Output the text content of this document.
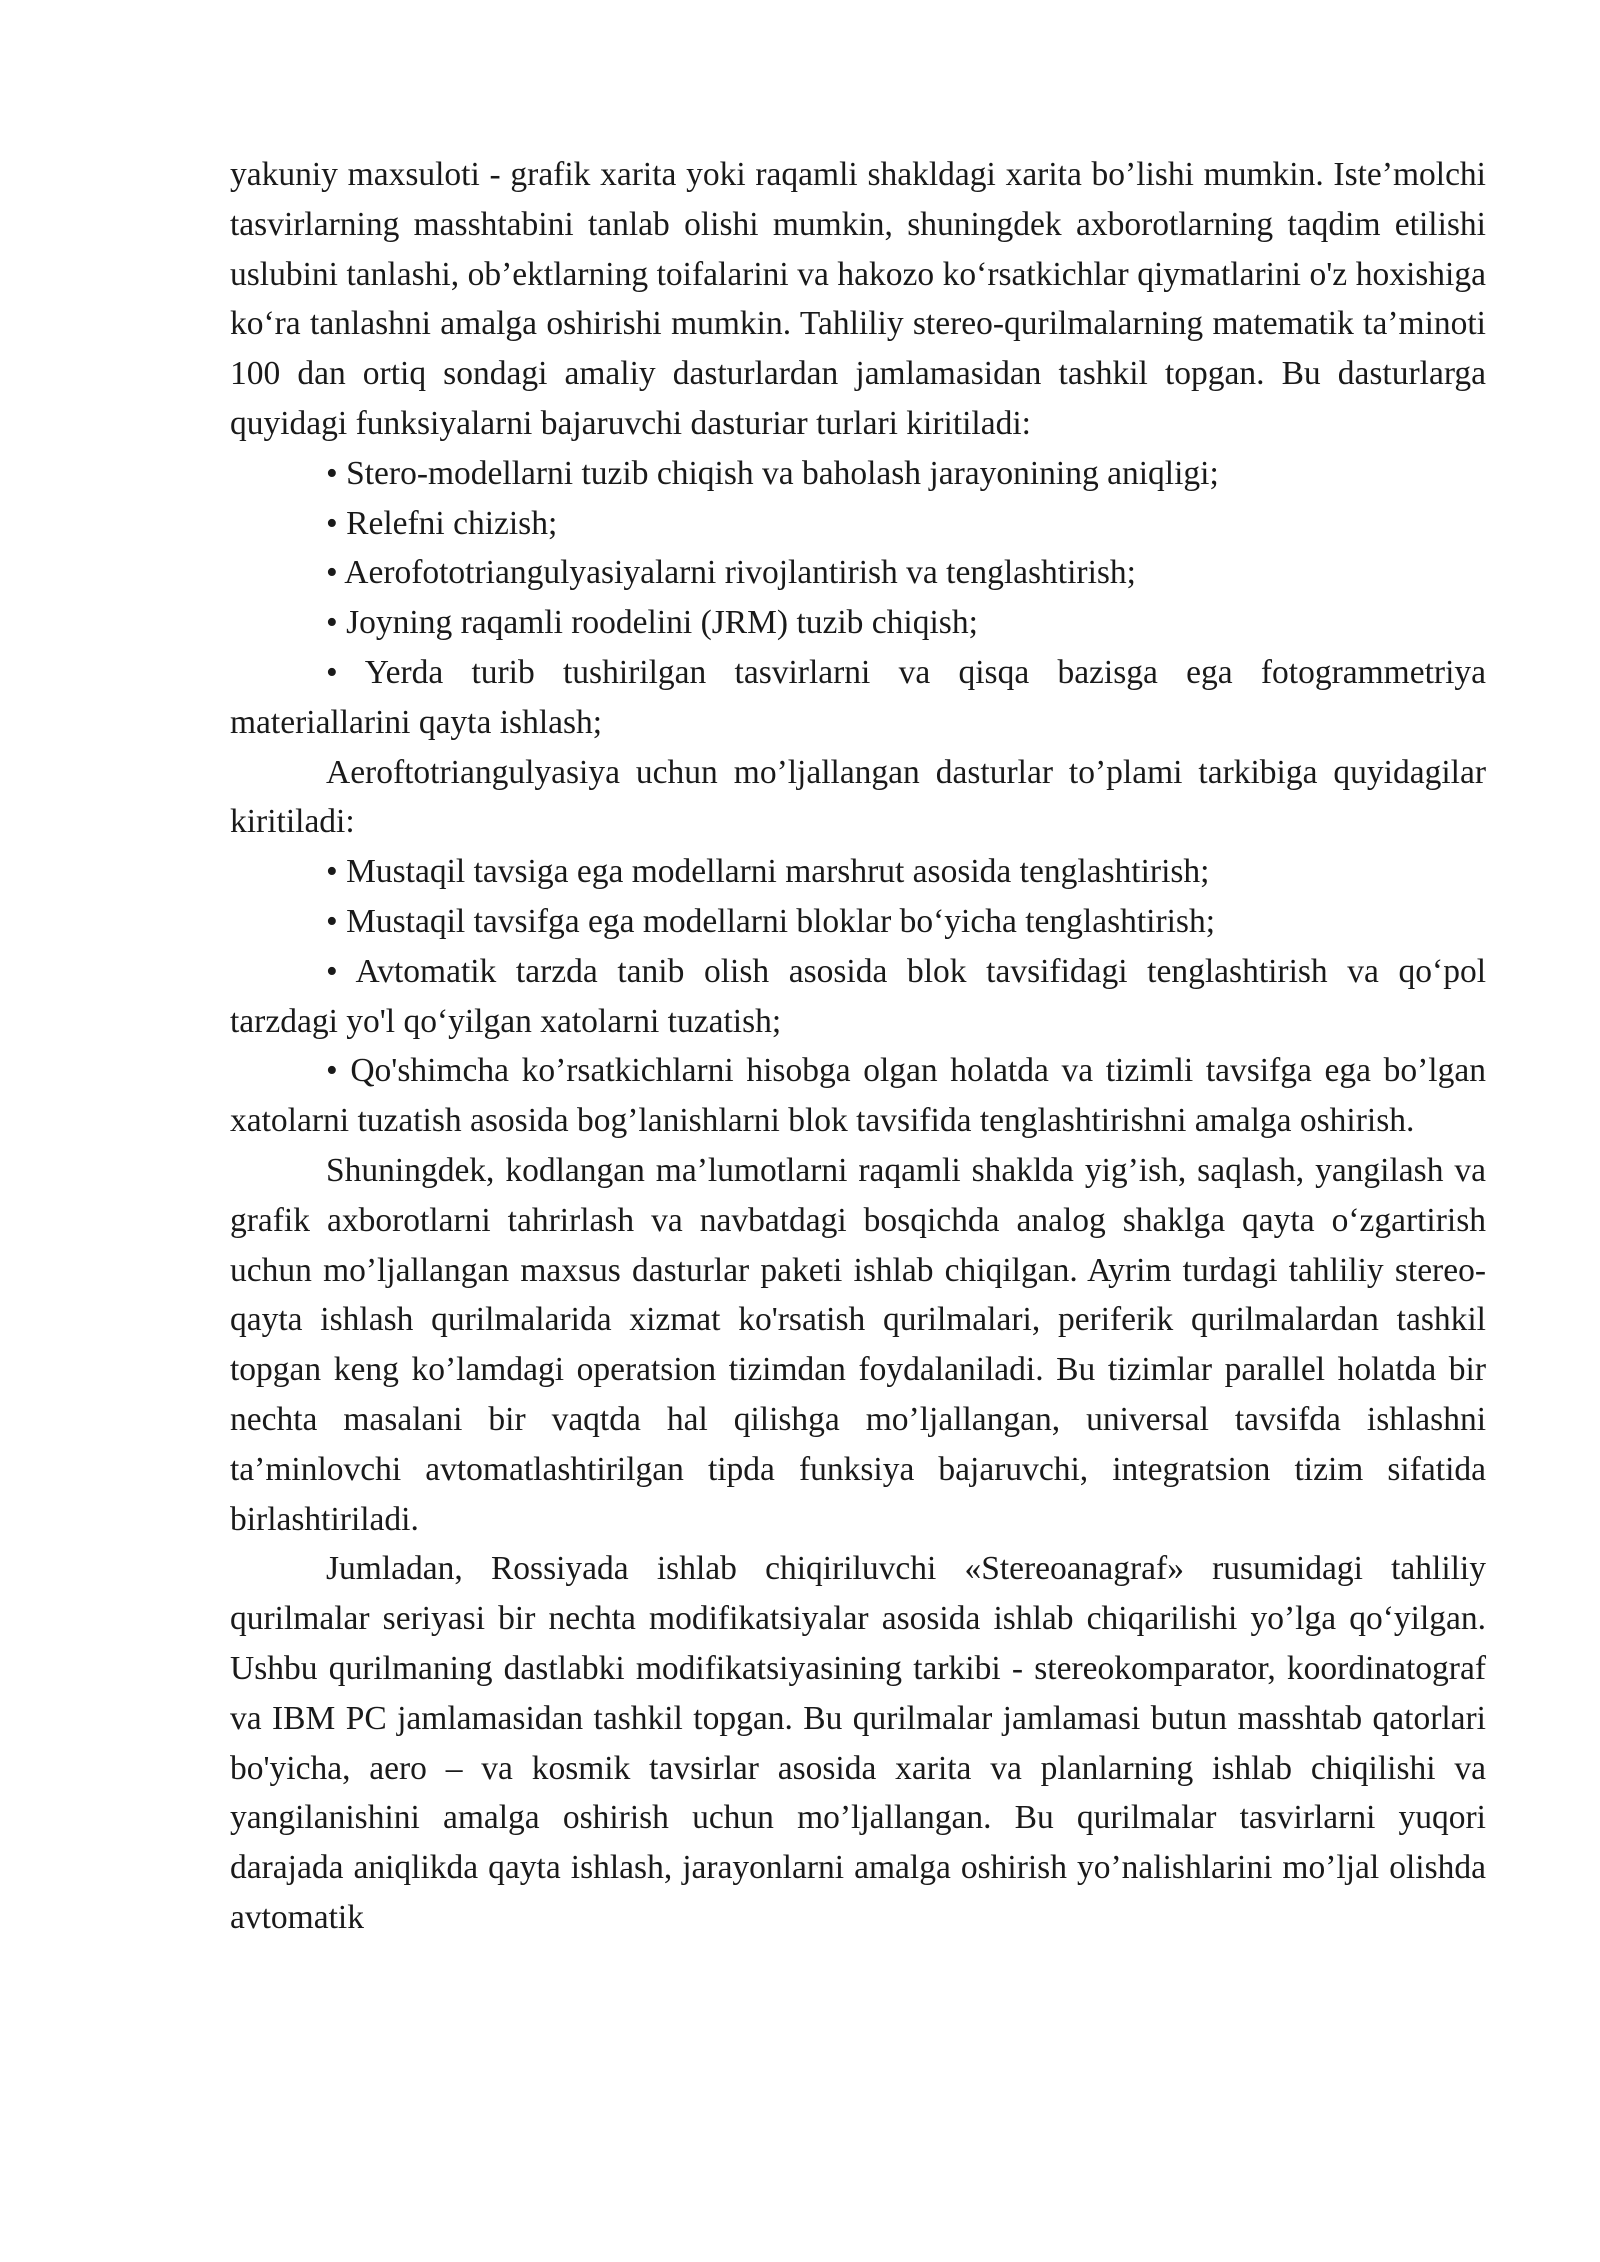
yakuniy maxsuloti - grafik xarita yoki raqamli shakldagi xarita bo’lishi mumkin. Iste’molchi tasvirlarning masshtabini tanlab olishi mumkin, shuningdek axborotlarning taqdim etilishi uslubini tanlashi, ob’ektlarning toifalarini va hakozo ko‘rsatkichlar qiymatlarini o'z hoxishiga ko‘ra tanlashni amalga oshirishi mumkin. Tahliliy stereo-qurilmalarning matematik ta’minoti 100 dan ortiq sondagi amaliy dasturlardan jamlamasidan tashkil topgan. Bu dasturlarga quyidagi funksiyalarni bajaruvchi dasturiar turlari kiritiladi:

• Stero-modellarni tuzib chiqish va baholash jarayonining aniqligi;

• Relefni chizish;

• Aerofototriangulyasiyalarni rivojlantirish va tenglashtirish;

• Joyning raqamli roodelini (JRM) tuzib chiqish;

• Yerda turib tushirilgan tasvirlarni va qisqa bazisga ega fotogrammetriya materiallarini qayta ishlash;

Aeroftotriangulyasiya uchun mo’ljallangan dasturlar to’plami tarkibiga quyidagilar kiritiladi:

• Mustaqil tavsiga ega modellarni marshrut asosida tenglashtirish;

• Mustaqil tavsifga ega modellarni bloklar bo‘yicha tenglashtirish;

• Avtomatik tarzda tanib olish asosida blok tavsifidagi tenglashtirish va qo‘pol tarzdagi yo'l qo‘yilgan xatolarni tuzatish;

• Qo'shimcha ko’rsatkichlarni hisobga olgan holatda va tizimli tavsifga ega bo’lgan xatolarni tuzatish asosida bog’lanishlarni blok tavsifida tenglashtirishni amalga oshirish.

Shuningdek, kodlangan ma’lumotlarni raqamli shaklda yig’ish, saqlash, yangilash va grafik axborotlarni tahrirlash va navbatdagi bosqichda analog shaklga qayta o‘zgartirish uchun mo’ljallangan maxsus dasturlar paketi ishlab chiqilgan. Ayrim turdagi tahliliy stereo-qayta ishlash qurilmalarida xizmat ko'rsatish qurilmalari, periferik qurilmalardan tashkil topgan keng ko’lamdagi operatsion tizimdan foydalaniladi. Bu tizimlar parallel holatda bir nechta masalani bir vaqtda hal qilishga mo’ljallangan, universal tavsifda ishlashni ta’minlovchi avtomatlashtirilgan tipda funksiya bajaruvchi, integratsion tizim sifatida birlashtiriladi.

Jumladan, Rossiyada ishlab chiqiriluvchi «Stereoanagraf» rusumidagi tahliliy qurilmalar seriyasi bir nechta modifikatsiyalar asosida ishlab chiqarilishi yo’lga qo‘yilgan. Ushbu qurilmaning dastlabki modifikatsiyasining tarkibi - stereokomparator, koordinatograf va IBM PC jamlamasidan tashkil topgan. Bu qurilmalar jamlamasi butun masshtab qatorlari bo'yicha, aero – va kosmik tavsirlar asosida xarita va planlarning ishlab chiqilishi va yangilanishini amalga oshirish uchun mo’ljallangan. Bu qurilmalar tasvirlarni yuqori darajada aniqlikda qayta ishlash, jarayonlarni amalga oshirish yo’nalishlarini mo’ljal olishda avtomatik
